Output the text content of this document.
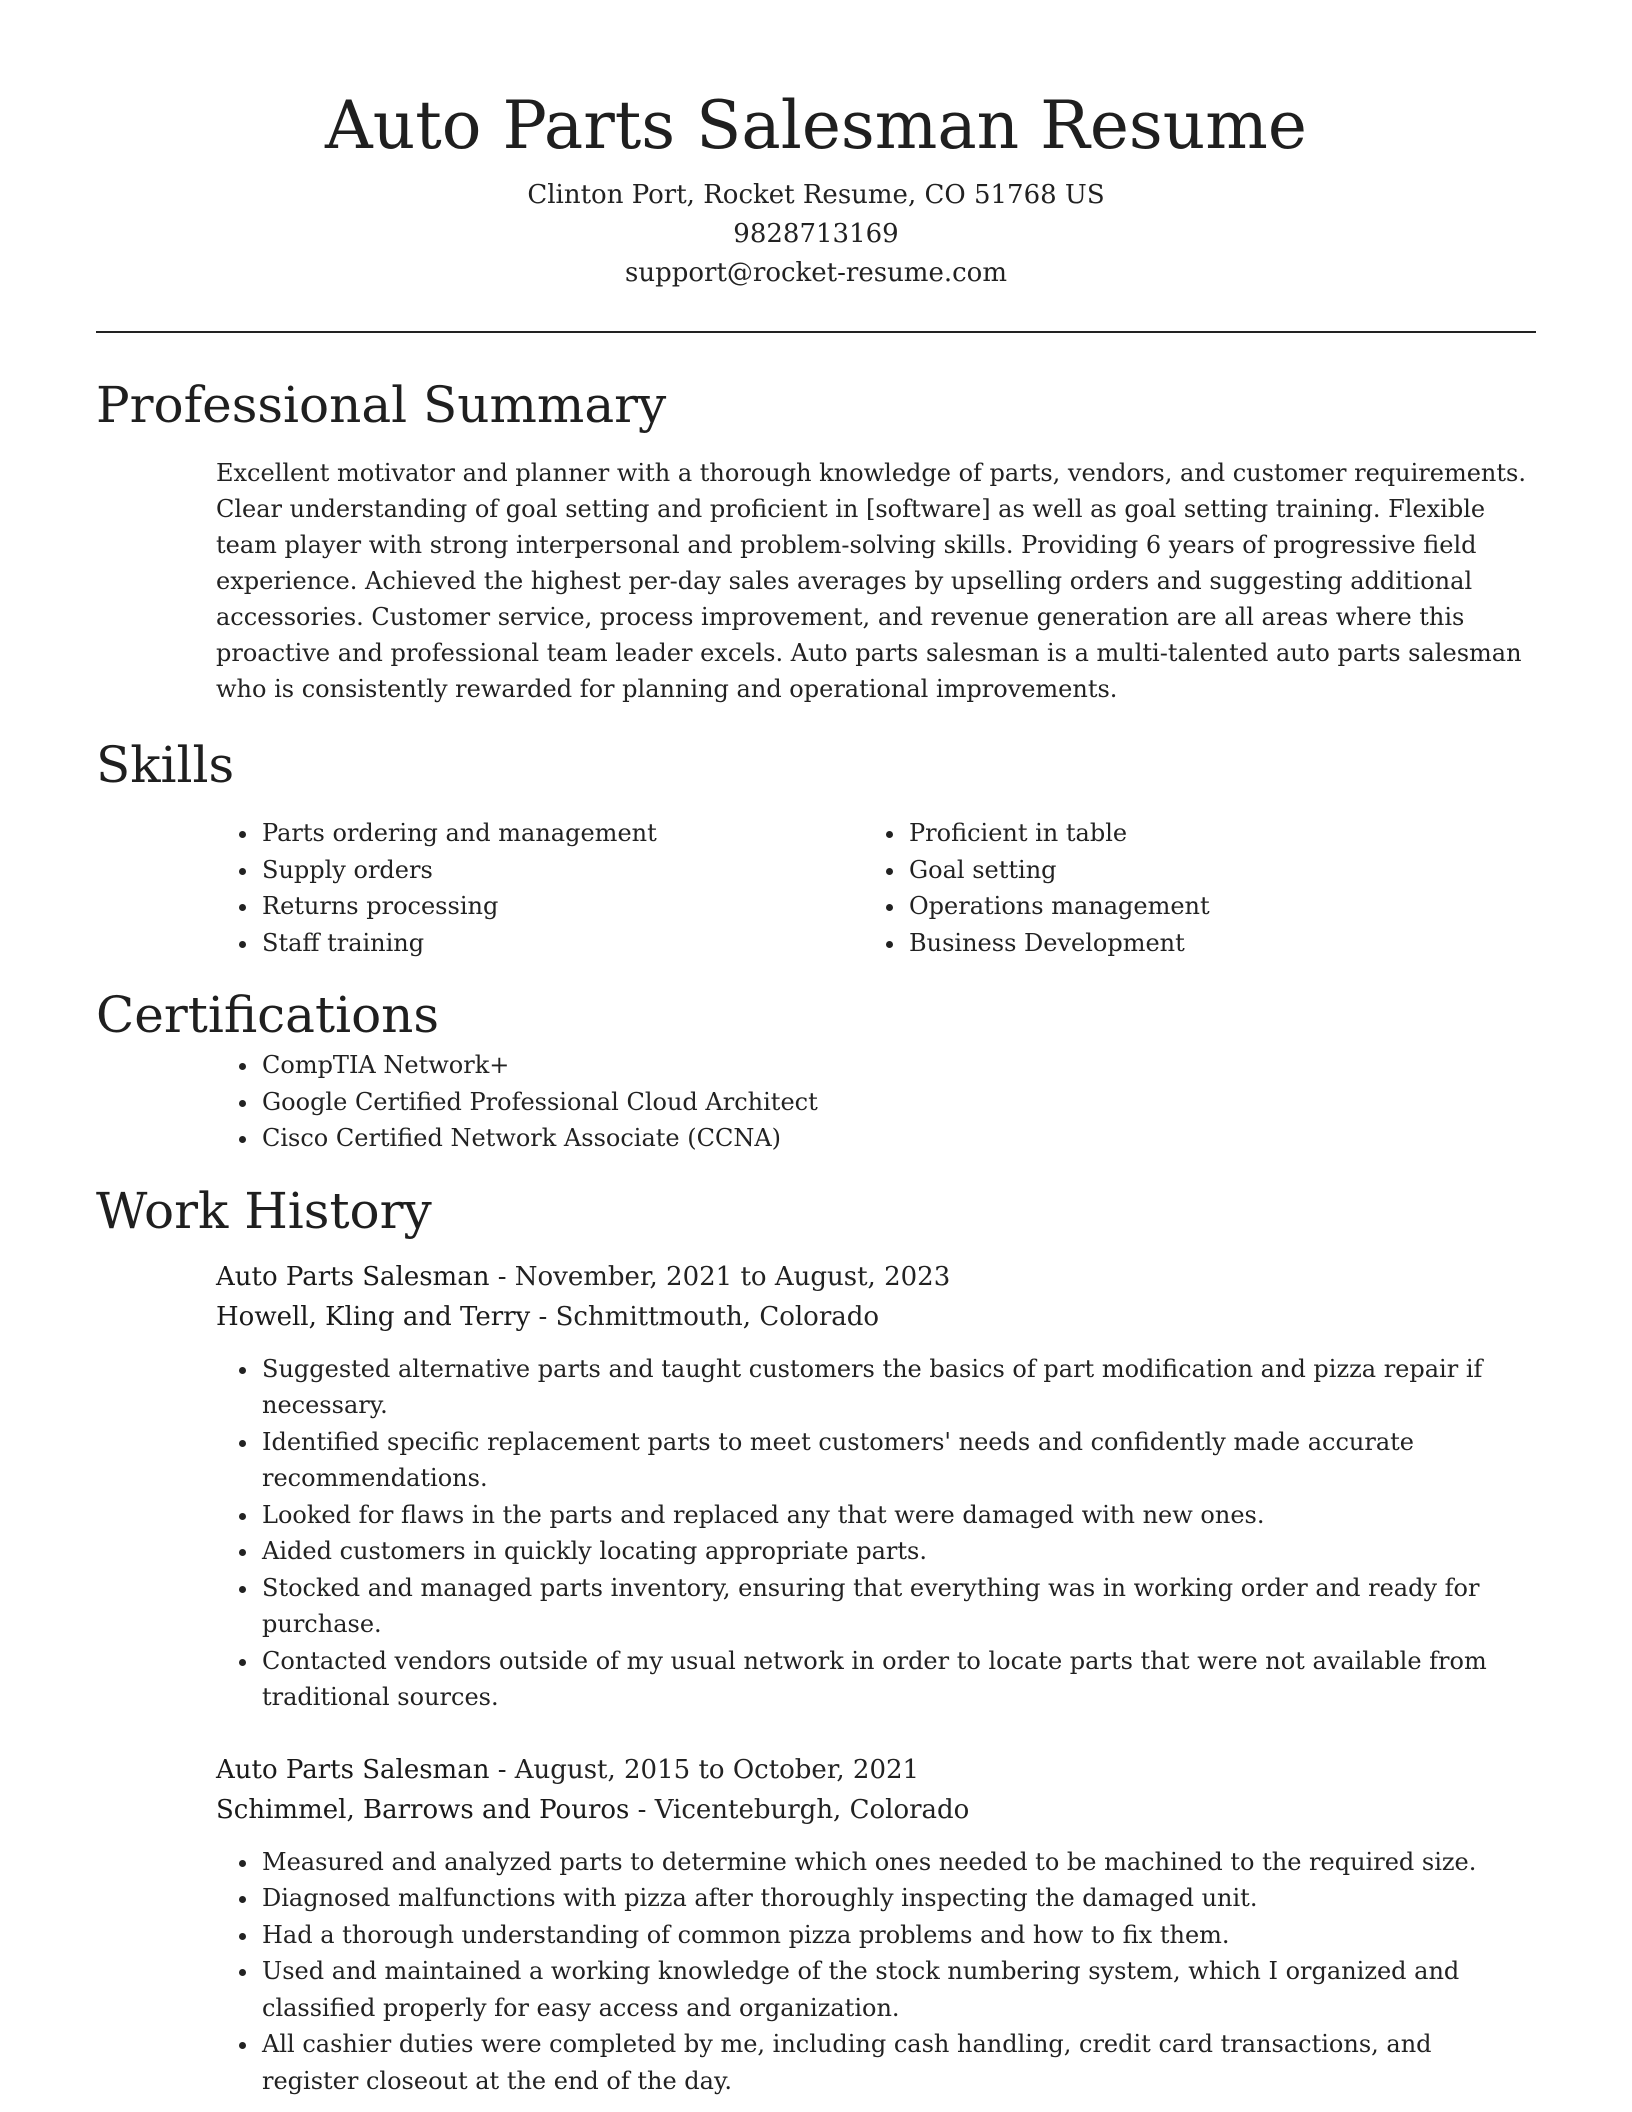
Auto Parts Salesman Resume
Clinton Port, Rocket Resume, CO 51768 US
9828713169
support@rocket-resume.com
Professional Summary
Excellent motivator and planner with a thorough knowledge of parts, vendors, and customer requirements. Clear understanding of goal setting and proficient in [software] as well as goal setting training. Flexible team player with strong interpersonal and problem-solving skills. Providing 6 years of progressive field experience. Achieved the highest per-day sales averages by upselling orders and suggesting additional accessories. Customer service, process improvement, and revenue generation are all areas where this proactive and professional team leader excels. Auto parts salesman is a multi-talented auto parts salesman who is consistently rewarded for planning and operational improvements.
Skills
• Parts ordering and management
• Supply orders
• Returns processing
• Staff training
• Proficient in table
• Goal setting
• Operations management
• Business Development
Certifications
• CompTIA Network+
• Google Certified Professional Cloud Architect
• Cisco Certified Network Associate (CCNA)
Work History
Auto Parts Salesman - November, 2021 to August, 2023
Howell, Kling and Terry - Schmittmouth, Colorado
• Suggested alternative parts and taught customers the basics of part modification and pizza repair if necessary.
• Identified specific replacement parts to meet customers' needs and confidently made accurate recommendations.
• Looked for flaws in the parts and replaced any that were damaged with new ones.
• Aided customers in quickly locating appropriate parts.
• Stocked and managed parts inventory, ensuring that everything was in working order and ready for purchase.
• Contacted vendors outside of my usual network in order to locate parts that were not available from traditional sources.
Auto Parts Salesman - August, 2015 to October, 2021
Schimmel, Barrows and Pouros - Vicenteburgh, Colorado
• Measured and analyzed parts to determine which ones needed to be machined to the required size.
• Diagnosed malfunctions with pizza after thoroughly inspecting the damaged unit.
• Had a thorough understanding of common pizza problems and how to fix them.
• Used and maintained a working knowledge of the stock numbering system, which I organized and classified properly for easy access and organization.
• All cashier duties were completed by me, including cash handling, credit card transactions, and register closeout at the end of the day.
